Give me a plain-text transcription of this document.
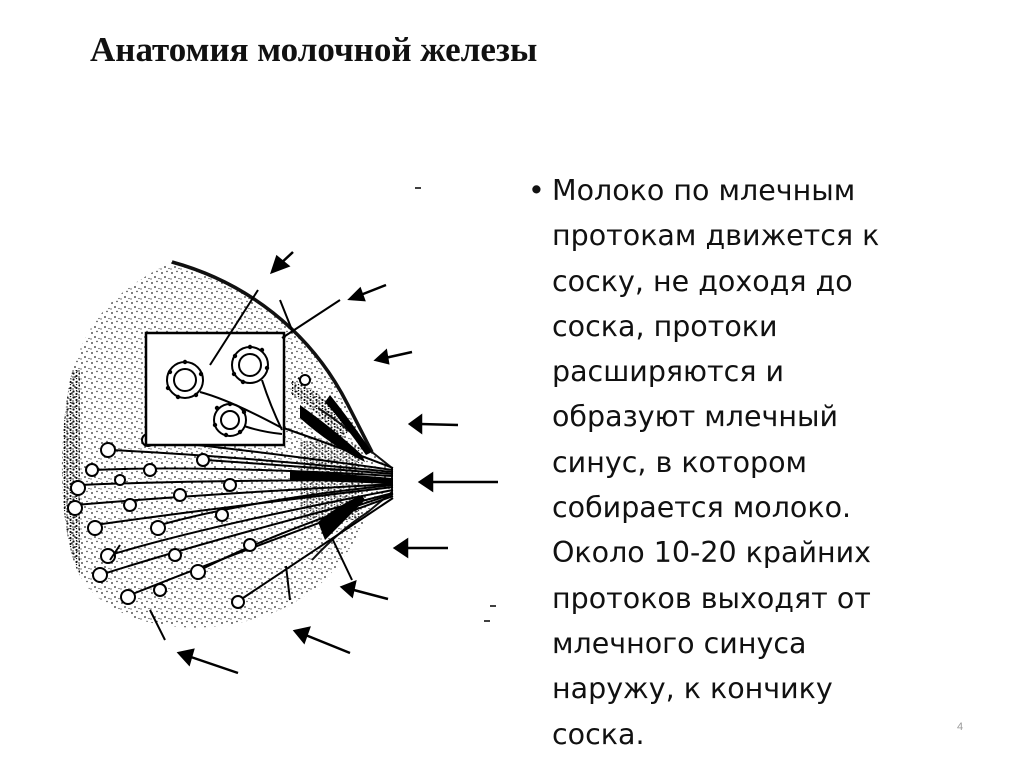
Анатомия молочной железы
• Молоко по млечным
протокам движется к
соску, не доходя до
соска, протоки
расширяются и
образуют млечный
синус, в котором
собирается молоко.
Около 10-20 крайних
протоков выходят от
млечного синуса
наружу, к кончику
соска.	4
